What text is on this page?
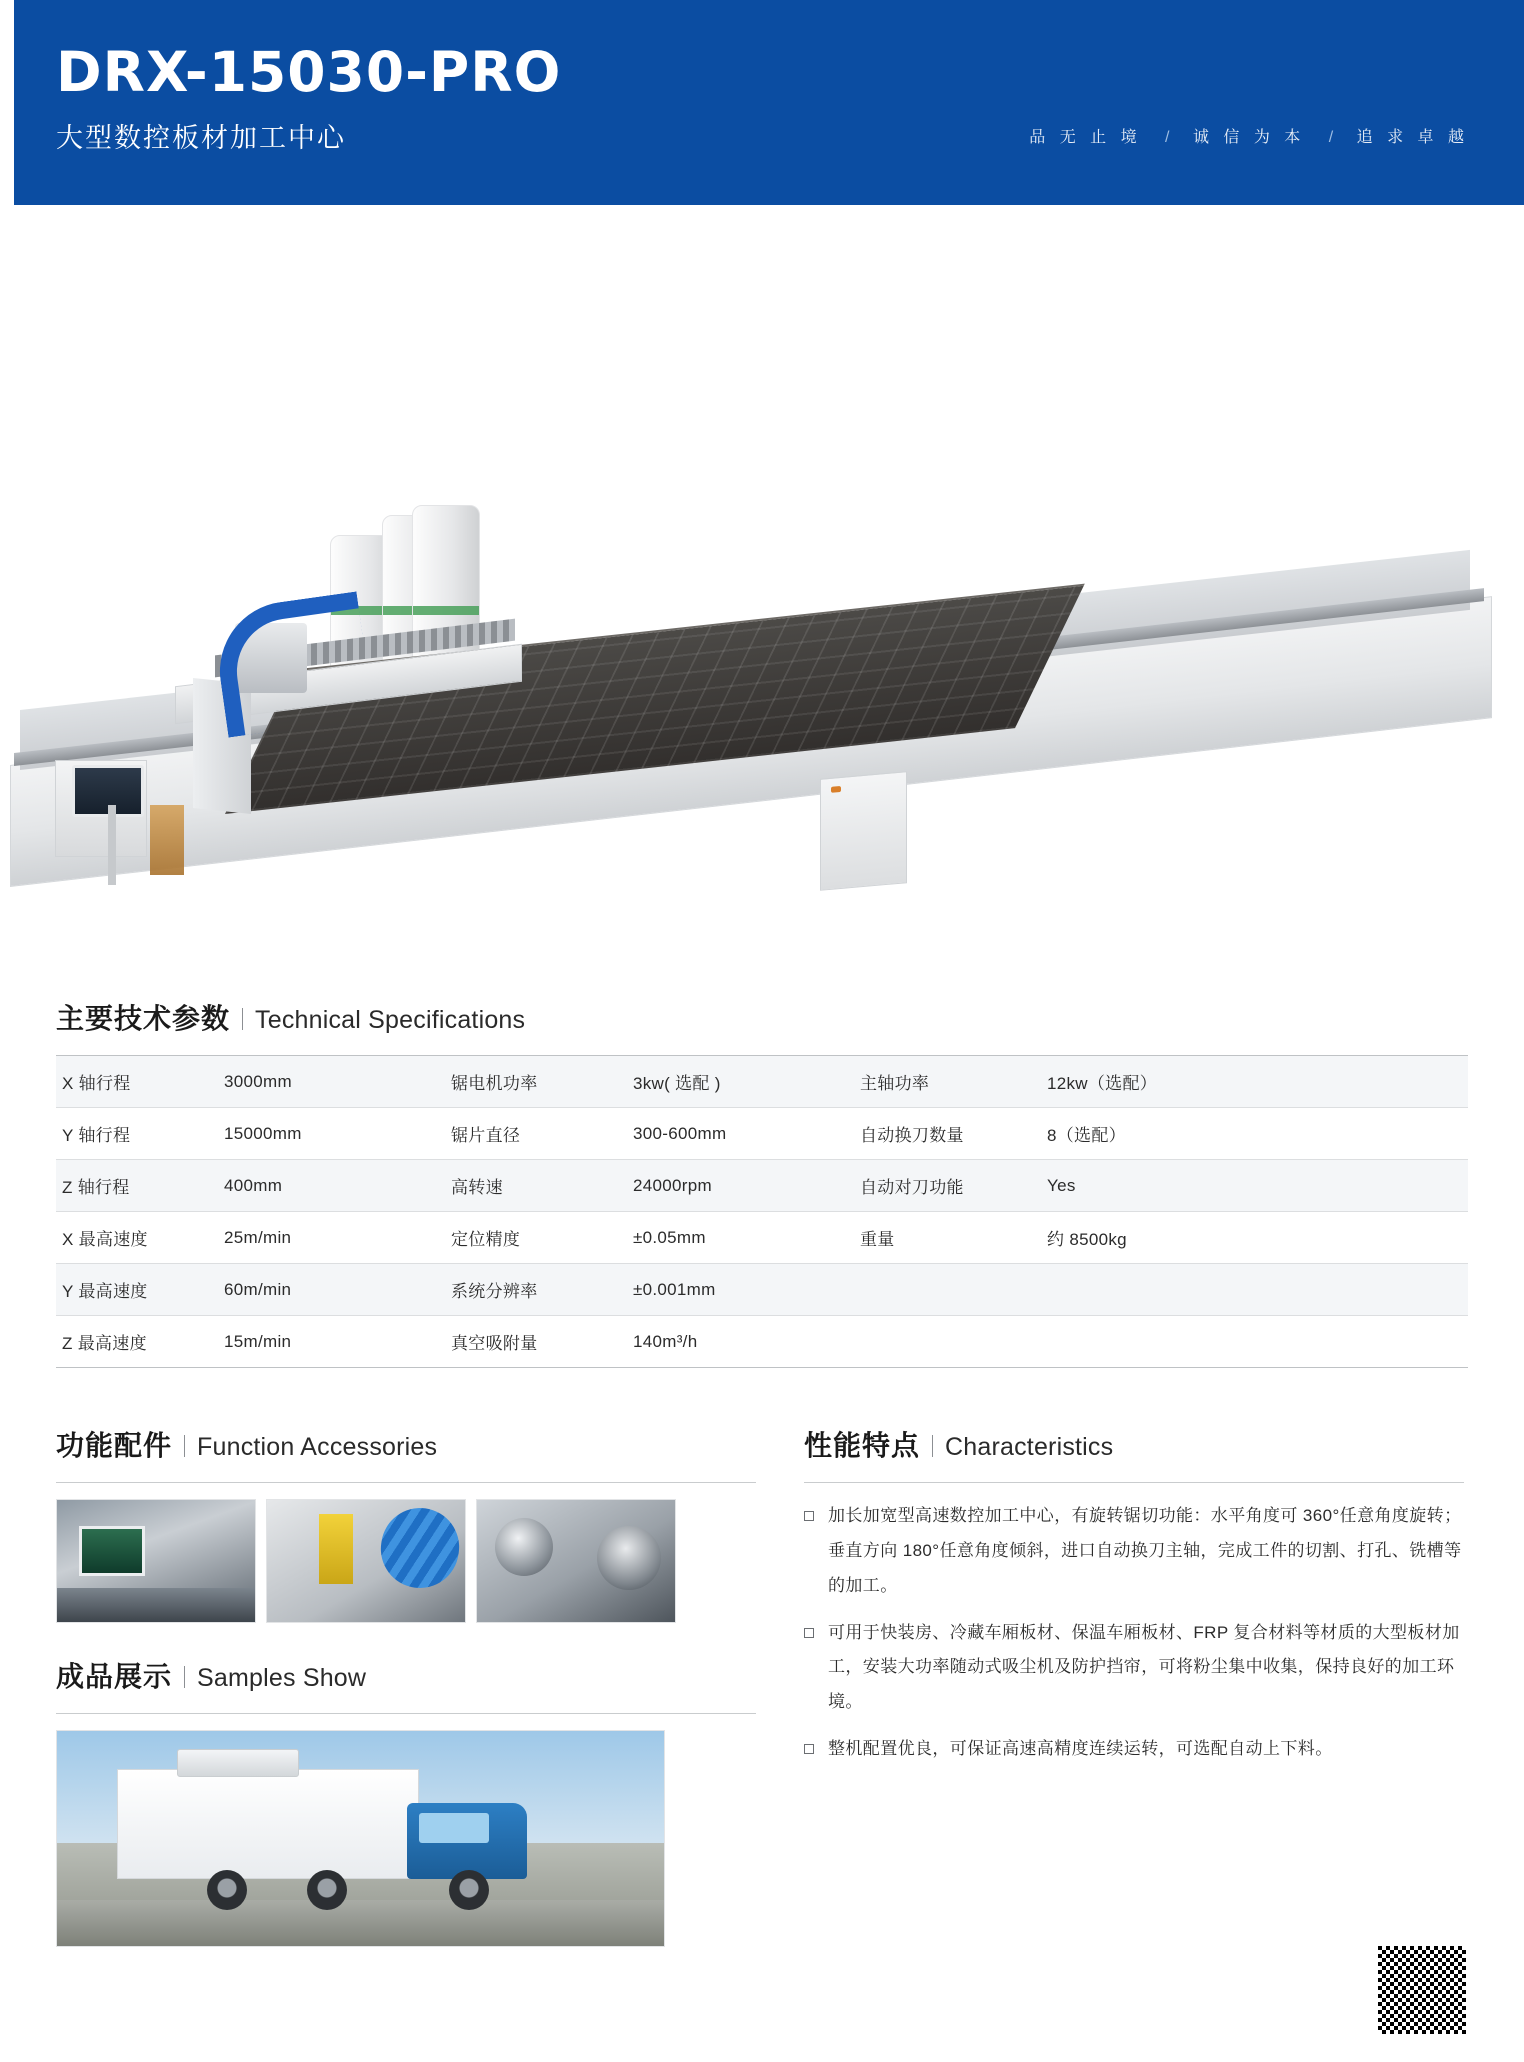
DRX-15030-PRO

大型数控板材加工中心	品 无 止 境 / 诚 信 为 本 / 追 求 卓 越
主要技术参数 Technical Specifications
X 轴行程	3000mm	锯电机功率	3kw( 选配 )	主轴功率	12kw（选配）
Y 轴行程	15000mm	锯片直径	300-600mm	自动换刀数量	8（选配）
Z 轴行程	400mm	高转速	24000rpm	自动对刀功能	Yes
X 最高速度	25m/min	定位精度	±0.05mm	重量	约 8500kg
Y 最高速度	60m/min	系统分辨率	±0.001mm		
Z 最高速度	15m/min	真空吸附量	140m³/h		
功能配件 Function Accessories
成品展示 Samples Show
性能特点 Characteristics
加长加宽型高速数控加工中心，有旋转锯切功能：水平角度可 360°任意角度旋转；垂直方向 180°任意角度倾斜，进口自动换刀主轴，完成工件的切割、打孔、铣槽等的加工。
可用于快装房、冷藏车厢板材、保温车厢板材、FRP 复合材料等材质的大型板材加工，安装大功率随动式吸尘机及防护挡帘，可将粉尘集中收集，保持良好的加工环境。
整机配置优良，可保证高速高精度连续运转，可选配自动上下料。
